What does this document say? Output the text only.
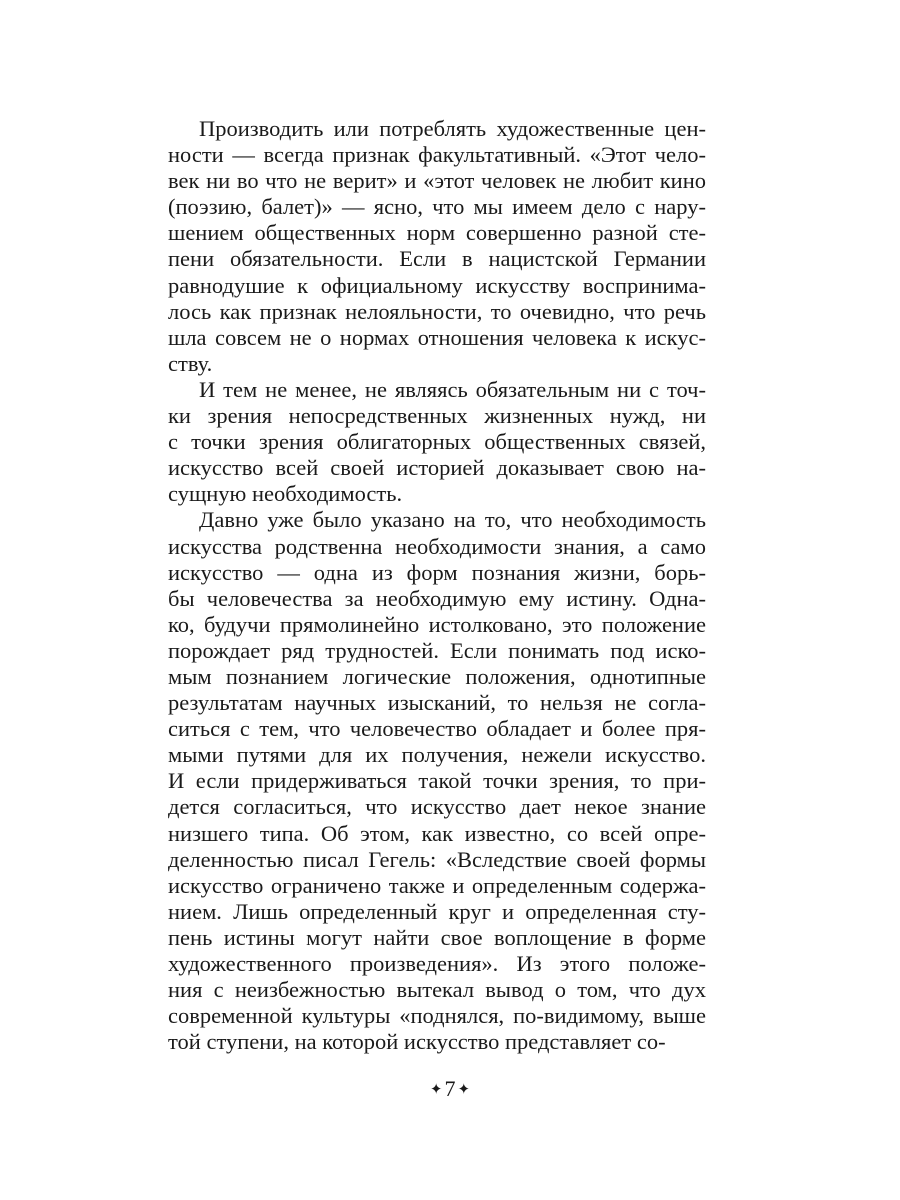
Производить или потреблять художественные цен-
ности — всегда признак факультативный. «Этот чело-
век ни во что не верит» и «этот человек не любит кино
(поэзию, балет)» — ясно, что мы имеем дело с нару-
шением общественных норм совершенно разной сте-
пени обязательности. Если в нацистской Германии
равнодушие к официальному искусству воспринима-
лось как признак нелояльности, то очевидно, что речь
шла совсем не о нормах отношения человека к искус-
ству.
И тем не менее, не являясь обязательным ни с точ-
ки зрения непосредственных жизненных нужд, ни
с точки зрения облигаторных общественных связей,
искусство всей своей историей доказывает свою на-
сущную необходимость.
Давно уже было указано на то, что необходимость
искусства родственна необходимости знания, а само
искусство — одна из форм познания жизни, борь-
бы человечества за необходимую ему истину. Одна-
ко, будучи прямолинейно истолковано, это положение
порождает ряд трудностей. Если понимать под иско-
мым познанием логические положения, однотипные
результатам научных изысканий, то нельзя не согла-
ситься с тем, что человечество обладает и более пря-
мыми путями для их получения, нежели искусство.
И если придерживаться такой точки зрения, то при-
дется согласиться, что искусство дает некое знание
низшего типа. Об этом, как известно, со всей опре-
деленностью писал Гегель: «Вследствие своей формы
искусство ограничено также и определенным содержа-
нием. Лишь определенный круг и определенная сту-
пень истины могут найти свое воплощение в форме
художественного произведения». Из этого положе-
ния с неизбежностью вытекал вывод о том, что дух
современной культуры «поднялся, по-видимому, выше
той ступени, на которой искусство представляет со-
✦7 ✦
